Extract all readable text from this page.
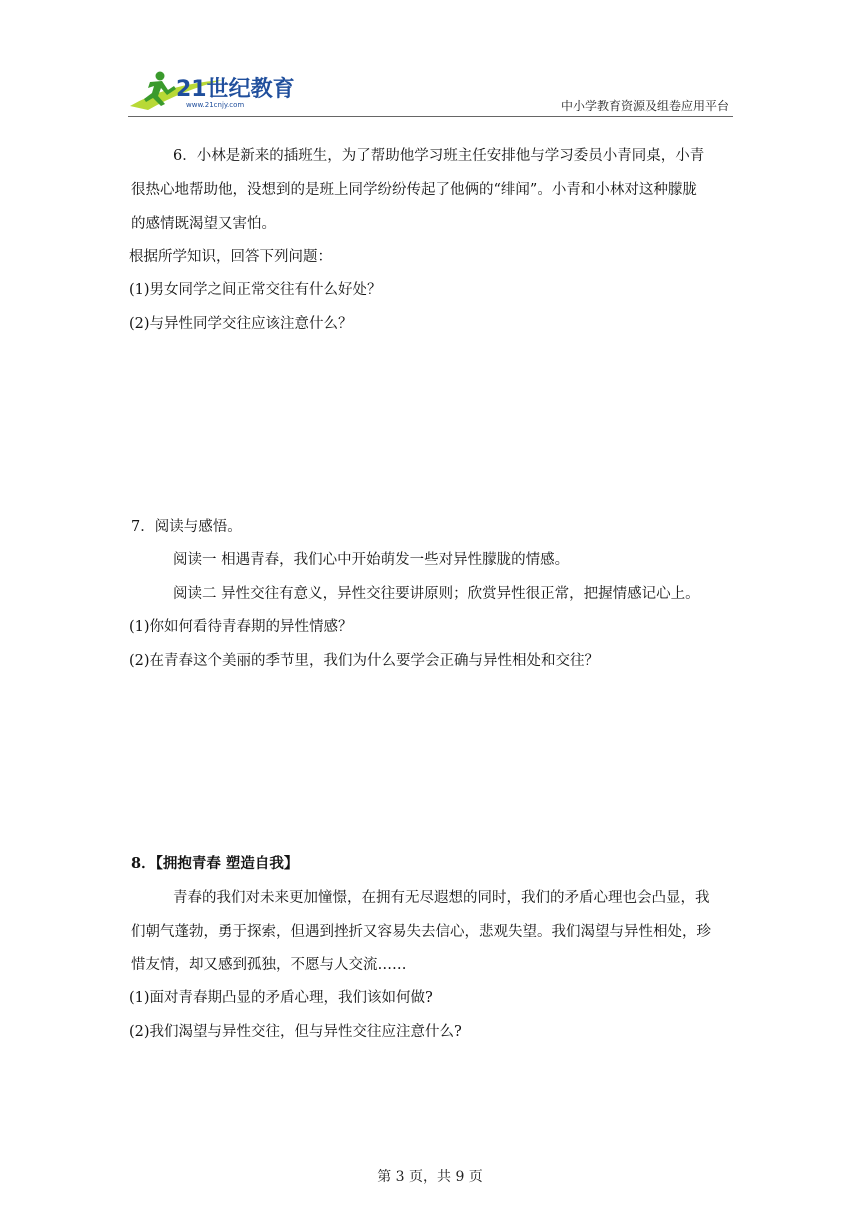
21世纪教育
www.21cnjy.com	中小学教育资源及组卷应用平台
6．小林是新来的插班生，为了帮助他学习班主任安排他与学习委员小青同桌，小青
很热心地帮助他，没想到的是班上同学纷纷传起了他俩的“绯闻”。小青和小林对这种朦胧
的感情既渴望又害怕。
根据所学知识，回答下列问题：
(1)男女同学之间正常交往有什么好处？
(2)与异性同学交往应该注意什么？
7．阅读与感悟。
阅读一 相遇青春，我们心中开始萌发一些对异性朦胧的情感。
阅读二 异性交往有意义，异性交往要讲原则；欣赏异性很正常，把握情感记心上。
(1)你如何看待青春期的异性情感？
(2)在青春这个美丽的季节里，我们为什么要学会正确与异性相处和交往？
8．【拥抱青春 塑造自我】
青春的我们对未来更加憧憬，在拥有无尽遐想的同时，我们的矛盾心理也会凸显，我
们朝气蓬勃，勇于探索，但遇到挫折又容易失去信心，悲观失望。我们渴望与异性相处，珍
惜友情，却又感到孤独，不愿与人交流……
(1)面对青春期凸显的矛盾心理，我们该如何做?
(2)我们渴望与异性交往，但与异性交往应注意什么?
第 3 页，共 9 页
